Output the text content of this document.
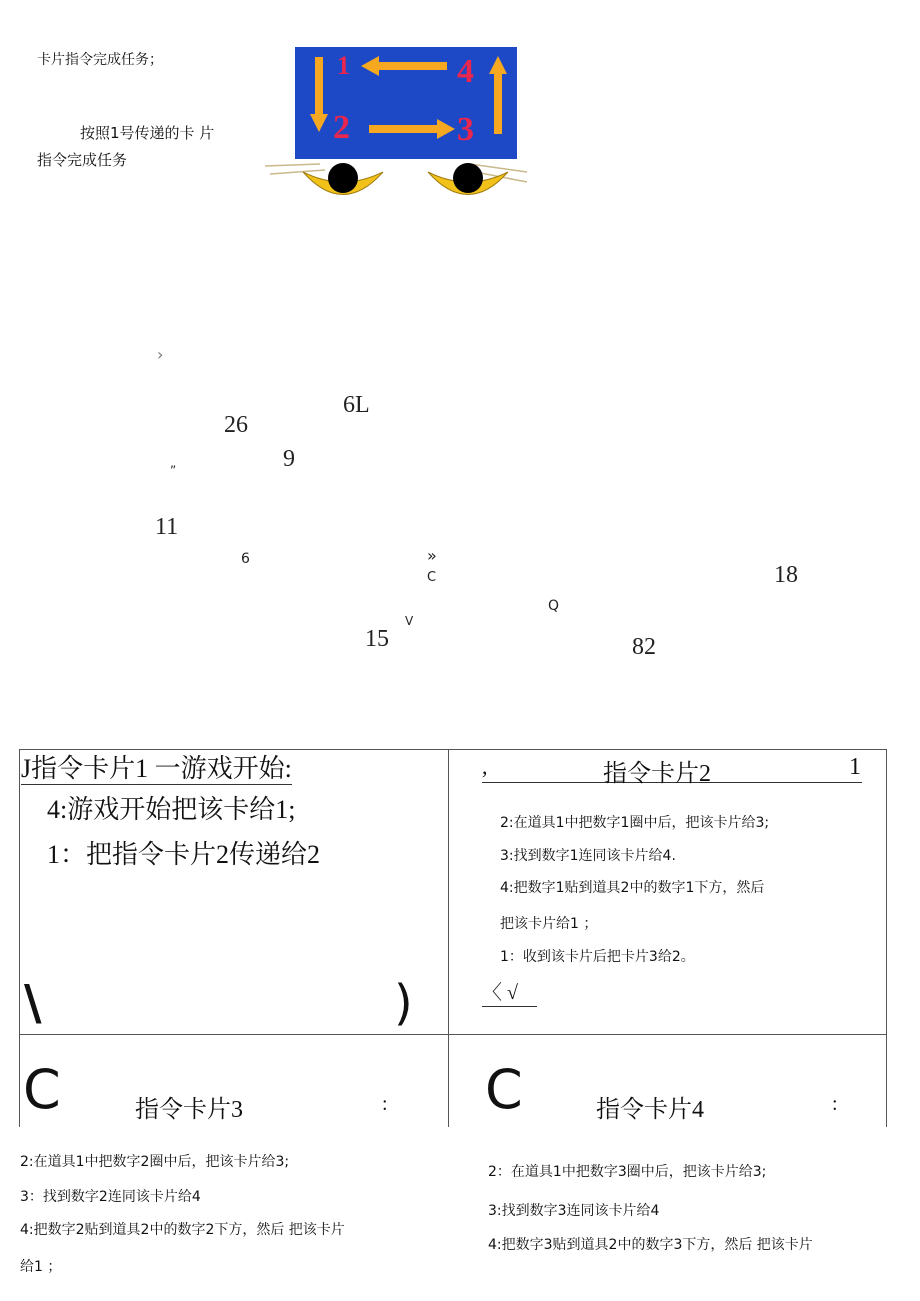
卡片指令完成任务；
按照1号传递的卡 片
指令完成任务
1	4
2	3
›
6L
26
„	9
11
6	»
C	18
Q
V
15	82
J指令卡片1 一游戏开始:
4:游戏开始把该卡给1;
1：把指令卡片2传递给2
\	)
,	指令卡片2	1
2:在道具1中把数字1圈中后，把该卡片给3;
3:找到数字1连同该卡片给4.
4:把数字1贴到道具2中的数字1下方，然后
把该卡片给1 ；
1：收到该卡片后把卡片3给2。
〈 √
C	指令卡片3	:
2:在道具1中把数字2圈中后，把该卡片给3;
3：找到数字2连同该卡片给4
4:把数字2贴到道具2中的数字2下方，然后 把该卡片
给1 ；
C	指令卡片4	:
2：在道具1中把数字3圈中后，把该卡片给3;
3:找到数字3连同该卡片给4
4:把数字3贴到道具2中的数字3下方，然后 把该卡片
